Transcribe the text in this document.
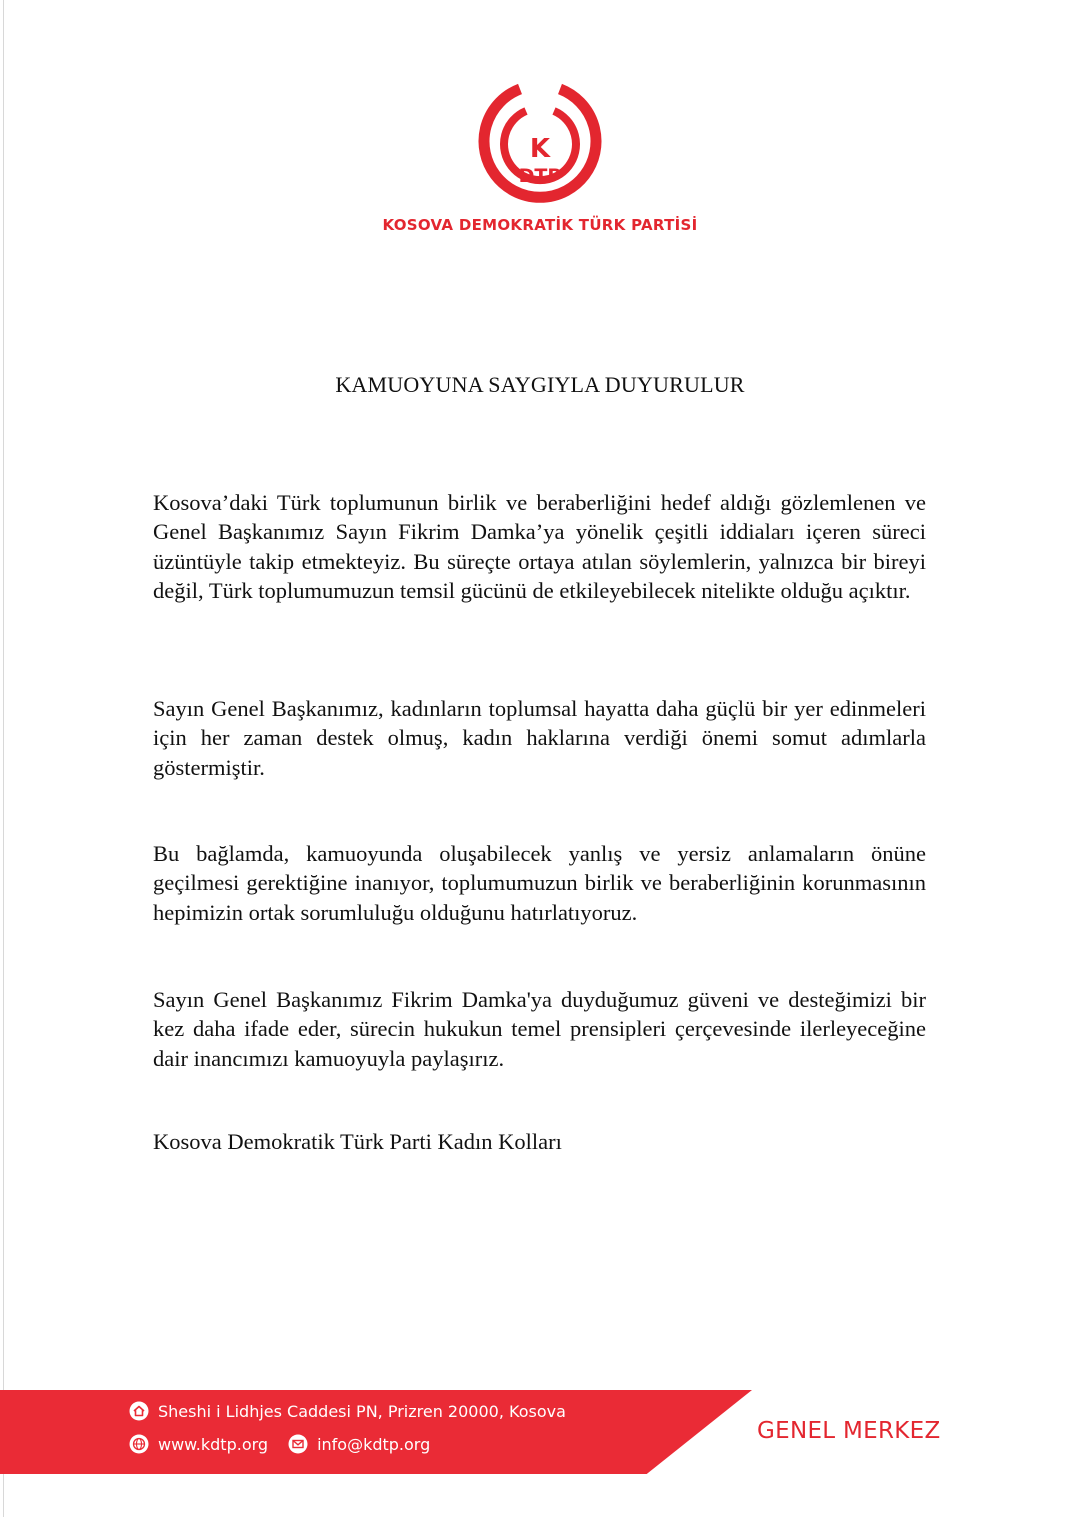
K
DTP
KOSOVA DEMOKRATİK TÜRK PARTİSİ
KAMUOYUNA SAYGIYLA DUYURULUR

Kosova’daki Türk toplumunun birlik ve beraberliğini hedef aldığı gözlemlenen ve Genel Başkanımız Sayın Fikrim Damka’ya yönelik çeşitli iddiaları içeren süreci üzüntüyle takip etmekteyiz. Bu süreçte ortaya atılan söylemlerin, yalnızca bir bireyi değil, Türk toplumumuzun temsil gücünü de etkileyebilecek nitelikte olduğu açıktır.

Sayın Genel Başkanımız, kadınların toplumsal hayatta daha güçlü bir yer edinmeleri için her zaman destek olmuş, kadın haklarına verdiği önemi somut adımlarla göstermiştir.

Bu bağlamda, kamuoyunda oluşabilecek yanlış ve yersiz anlamaların önüne geçilmesi gerektiğine inanıyor, toplumumuzun birlik ve beraberliğinin korunmasının hepimizin ortak sorumluluğu olduğunu hatırlatıyoruz.

Sayın Genel Başkanımız Fikrim Damka'ya duyduğumuz güveni ve desteğimizi bir kez daha ifade eder, sürecin hukukun temel prensipleri çerçevesinde ilerleyeceğine dair inancımızı kamuoyuyla paylaşırız.

Kosova Demokratik Türk Parti Kadın Kolları
Sheshi i Lidhjes Caddesi PN, Prizren 20000, Kosova
www.kdtp.org	info@kdtp.org	GENEL MERKEZ
